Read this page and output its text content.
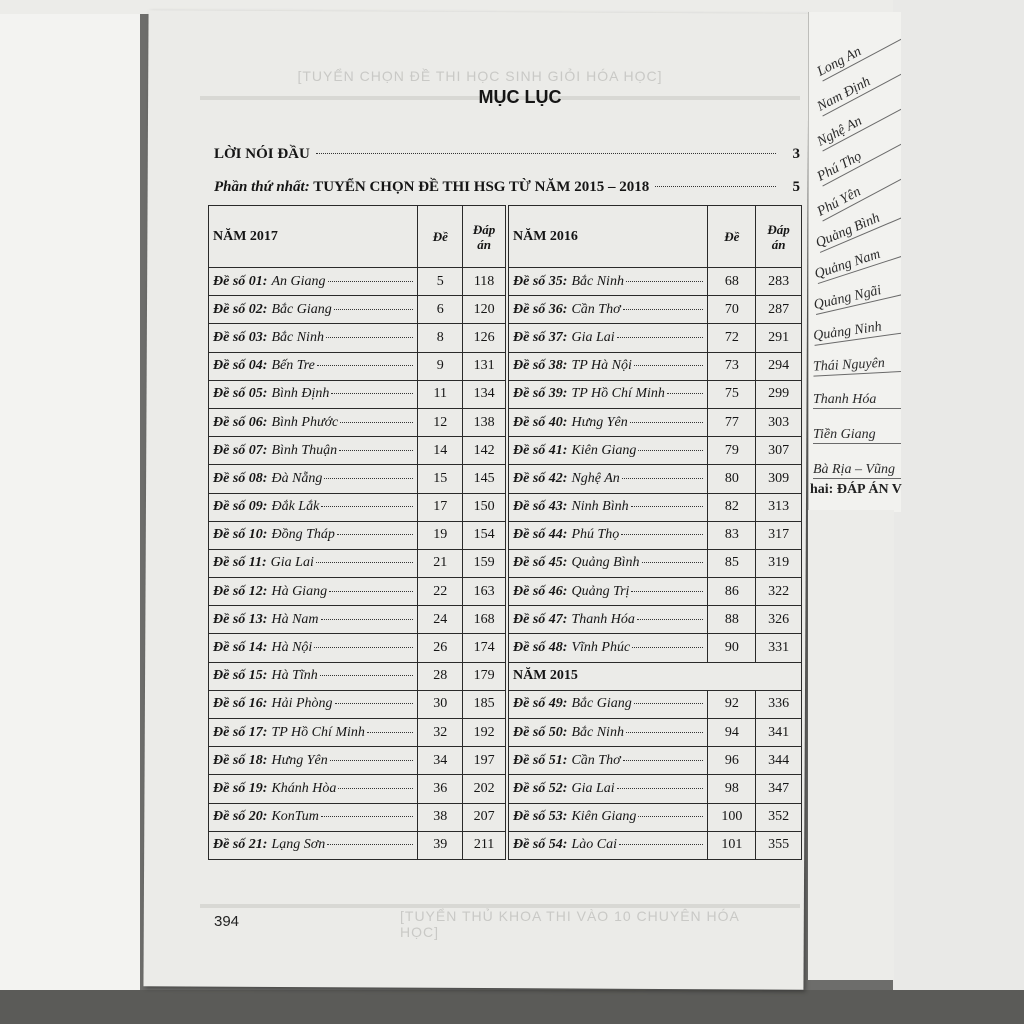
Long An
Nam Định
Nghệ An
Phú Thọ
Phú Yên
Quảng Bình
Quảng Nam
Quảng Ngãi
Quảng Ninh
Thái Nguyên
Thanh Hóa
Tiền Giang
Bà Rịa – Vũng
hai: ĐÁP ÁN V
[TUYỂN CHỌN ĐỀ THI HỌC SINH GIỎI HÓA HỌC]
[TUYỂN THỦ KHOA THI VÀO 10 CHUYÊN HÓA HỌC]
MỤC LỤC
LỜI NÓI ĐẦU	3
Phần thứ nhất: TUYỂN CHỌN ĐỀ THI HSG TỪ NĂM 2015 – 2018	5
NĂM 2017	Đề	Đáp án

Đề số 01: An Giang	5	118

Đề số 02: Bắc Giang	6	120

Đề số 03: Bắc Ninh	8	126

Đề số 04: Bến Tre	9	131

Đề số 05: Bình Định	11	134

Đề số 06: Bình Phước	12	138

Đề số 07: Bình Thuận	14	142

Đề số 08: Đà Nẵng	15	145

Đề số 09: Đắk Lắk	17	150

Đề số 10: Đồng Tháp	19	154

Đề số 11: Gia Lai	21	159

Đề số 12: Hà Giang	22	163

Đề số 13: Hà Nam	24	168

Đề số 14: Hà Nội	26	174

Đề số 15: Hà Tĩnh	28	179

Đề số 16: Hải Phòng	30	185

Đề số 17: TP Hồ Chí Minh	32	192

Đề số 18: Hưng Yên	34	197

Đề số 19: Khánh Hòa	36	202

Đề số 20: KonTum	38	207

Đề số 21: Lạng Sơn	39	211
NĂM 2016	Đề	Đáp án

Đề số 35: Bắc Ninh	68	283

Đề số 36: Cần Thơ	70	287

Đề số 37: Gia Lai	72	291

Đề số 38: TP Hà Nội	73	294

Đề số 39: TP Hồ Chí Minh	75	299

Đề số 40: Hưng Yên	77	303

Đề số 41: Kiên Giang	79	307

Đề số 42: Nghệ An	80	309

Đề số 43: Ninh Bình	82	313

Đề số 44: Phú Thọ	83	317

Đề số 45: Quảng Bình	85	319

Đề số 46: Quảng Trị	86	322

Đề số 47: Thanh Hóa	88	326

Đề số 48: Vĩnh Phúc	90	331
NĂM 2015		

Đề số 49: Bắc Giang	92	336

Đề số 50: Bắc Ninh	94	341

Đề số 51: Cần Thơ	96	344

Đề số 52: Gia Lai	98	347

Đề số 53: Kiên Giang	100	352

Đề số 54: Lào Cai	101	355
394
